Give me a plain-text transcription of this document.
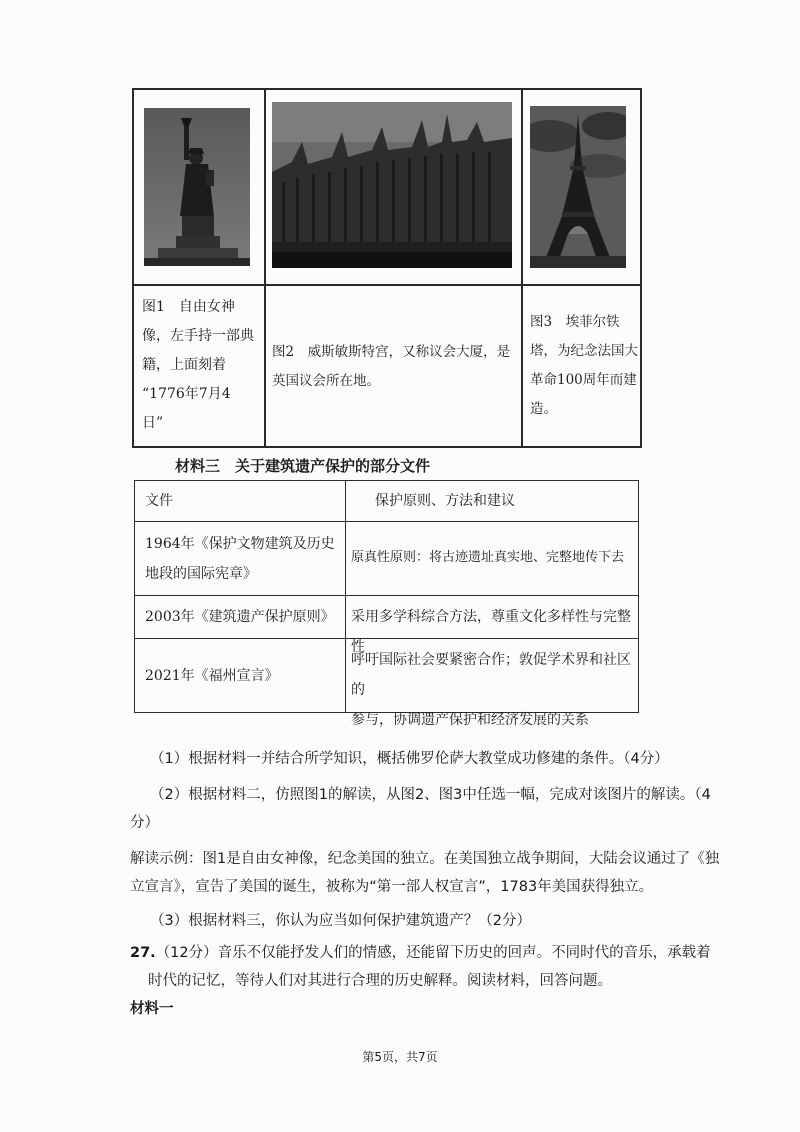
图1　自由女神
像，左手持一部典
籍，上面刻着
“1776年7月4
日”
图2　威斯敏斯特宫，又称议会大厦，是
英国议会所在地。
图3　埃菲尔铁
塔，为纪念法国大
革命100周年而建
造。
材料三　关于建筑遗产保护的部分文件
文件	保护原则、方法和建议
1964年《保护文物建筑及历史
地段的国际宪章》
原真性原则：将古迹遗址真实地、完整地传下去
2003年《建筑遗产保护原则》 采用多学科综合方法，尊重文化多样性与完整性
2021年《福州宣言》
呼吁国际社会要紧密合作；敦促学术界和社区的
参与，协调遗产保护和经济发展的关系
（1）根据材料一并结合所学知识，概括佛罗伦萨大教堂成功修建的条件。（4分）
（2）根据材料二，仿照图1的解读，从图2、图3中任选一幅，完成对该图片的解读。（4
分）
解读示例：图1是自由女神像，纪念美国的独立。在美国独立战争期间，大陆会议通过了《独
立宣言》，宣告了美国的诞生，被称为“第一部人权宣言”，1783年美国获得独立。
（3）根据材料三，你认为应当如何保护建筑遗产？（2分）
27.（12分）音乐不仅能抒发人们的情感，还能留下历史的回声。不同时代的音乐，承载着
时代的记忆，等待人们对其进行合理的历史解释。阅读材料，回答问题。
材料一
第5页，共7页
